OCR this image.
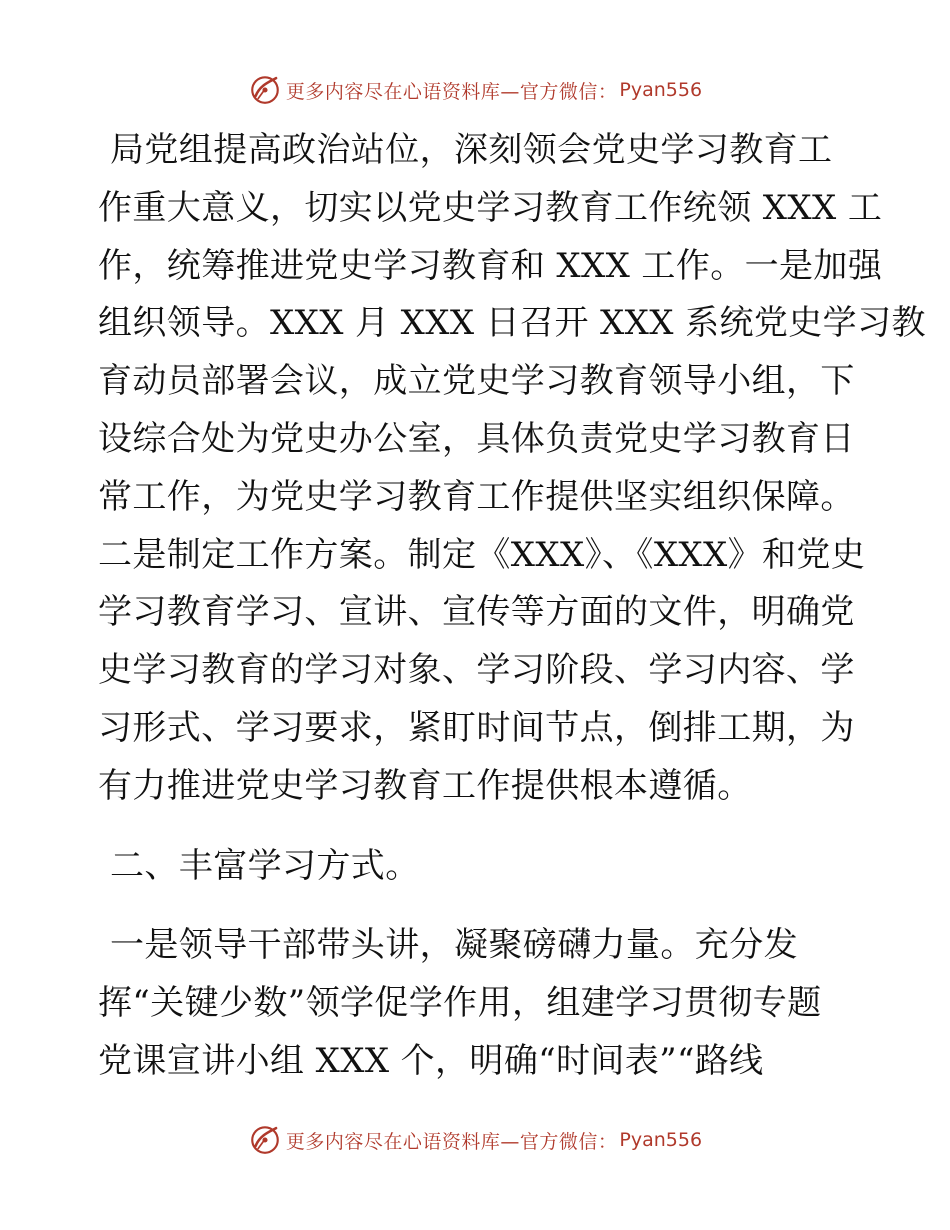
更多内容尽在心语资料库—官方微信： Pyan556
局党组提高政治站位，深刻领会党史学习教育工
作重大意义，切实以党史学习教育工作统领 XXX 工
作，统筹推进党史学习教育和 XXX 工作。一是加强
组织领导。XXX 月 XXX 日召开 XXX 系统党史学习教
育动员部署会议，成立党史学习教育领导小组，下
设综合处为党史办公室，具体负责党史学习教育日
常工作，为党史学习教育工作提供坚实组织保障。
二是制定工作方案。制定《XXX》、《XXX》和党史
学习教育学习、宣讲、宣传等方面的文件，明确党
史学习教育的学习对象、学习阶段、学习内容、学
习形式、学习要求，紧盯时间节点，倒排工期，为
有力推进党史学习教育工作提供根本遵循。
二、丰富学习方式。
一是领导干部带头讲，凝聚磅礴力量。充分发
挥“关键少数”领学促学作用，组建学习贯彻专题
党课宣讲小组 XXX 个，明确“时间表”“路线
更多内容尽在心语资料库—官方微信： Pyan556
